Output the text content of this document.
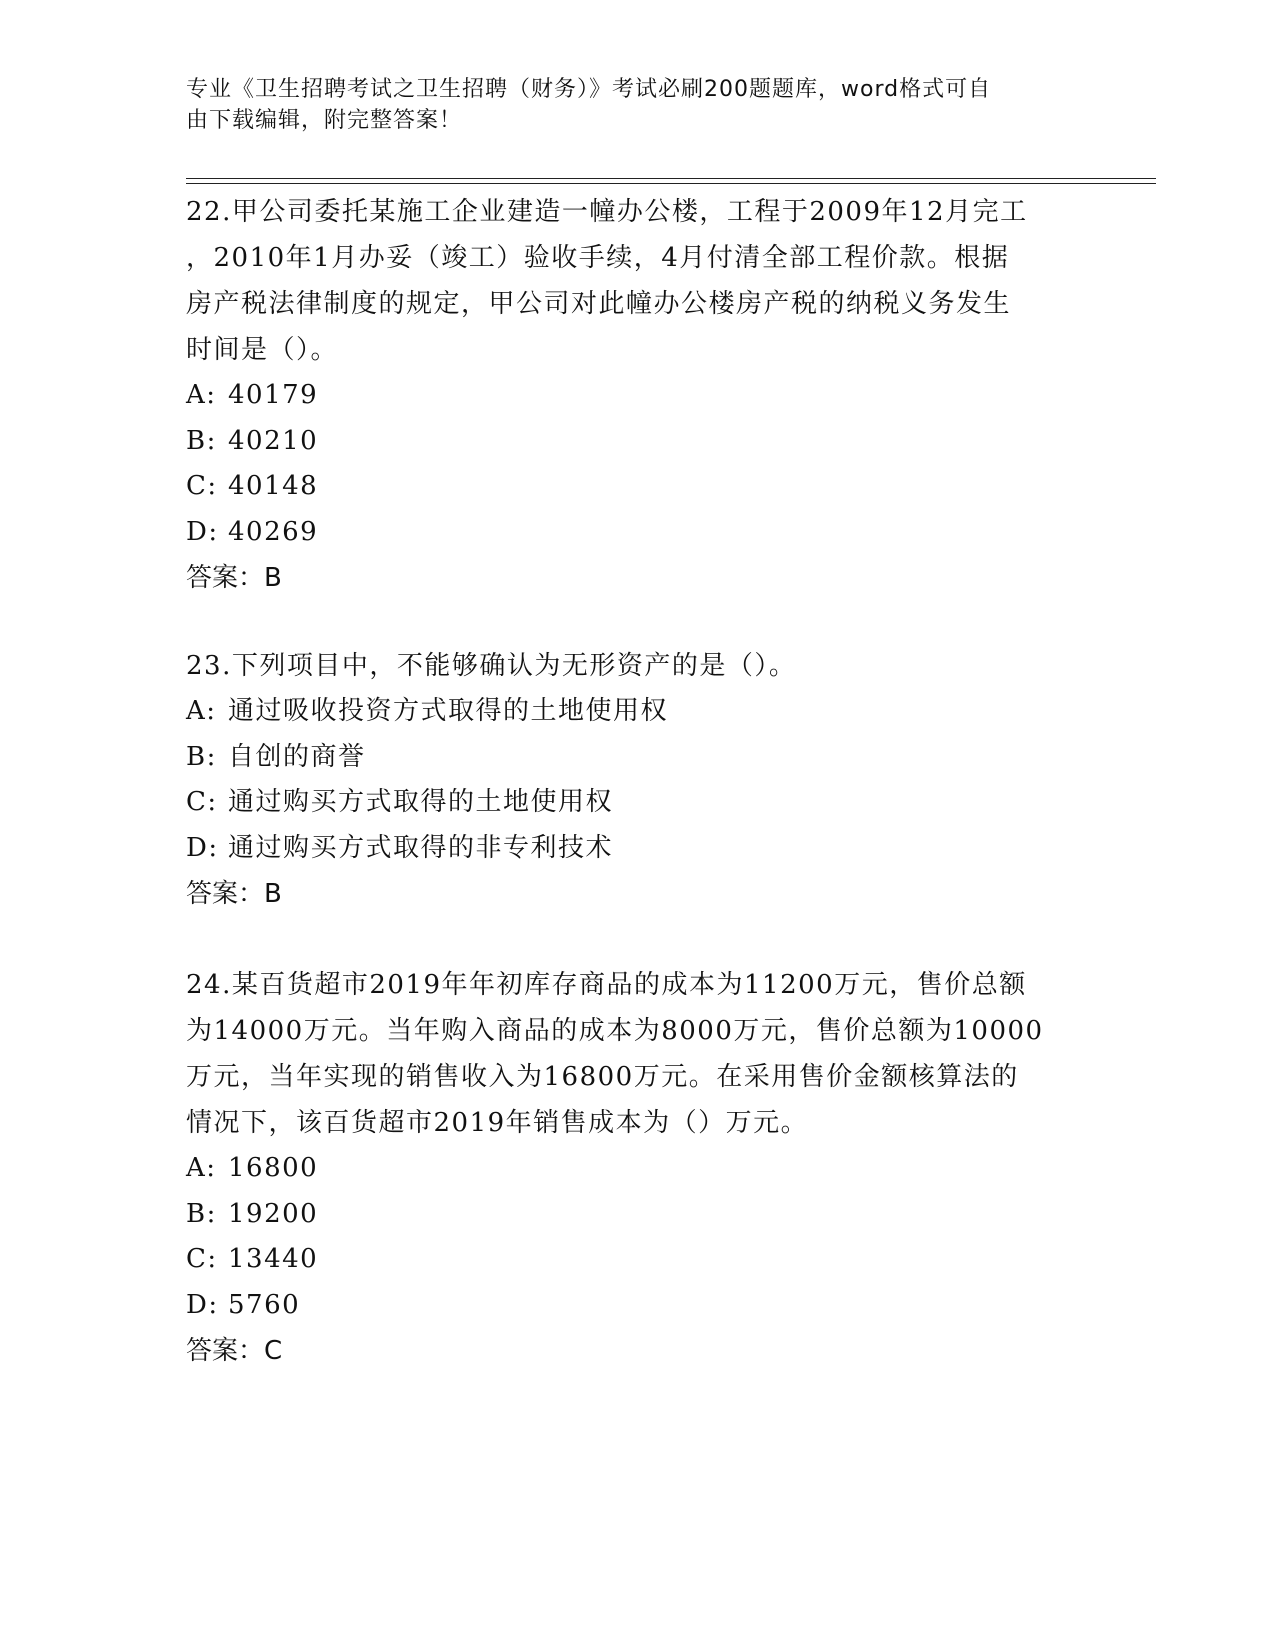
专业《卫生招聘考试之卫生招聘（财务）》考试必刷200题题库，word格式可自
由下载编辑，附完整答案！

22.甲公司委托某施工企业建造一幢办公楼，工程于2009年12月完工
，2010年1月办妥（竣工）验收手续，4月付清全部工程价款。根据
房产税法律制度的规定，甲公司对此幢办公楼房产税的纳税义务发生
时间是（）。

A: 40179

B: 40210

C: 40148

D: 40269

答案：B

23.下列项目中，不能够确认为无形资产的是（）。

A: 通过吸收投资方式取得的土地使用权

B: 自创的商誉

C: 通过购买方式取得的土地使用权

D: 通过购买方式取得的非专利技术

答案：B

24.某百货超市2019年年初库存商品的成本为11200万元，售价总额
为14000万元。当年购入商品的成本为8000万元，售价总额为10000
万元，当年实现的销售收入为16800万元。在采用售价金额核算法的
情况下，该百货超市2019年销售成本为（）万元。

A: 16800

B: 19200

C: 13440

D: 5760

答案：C
